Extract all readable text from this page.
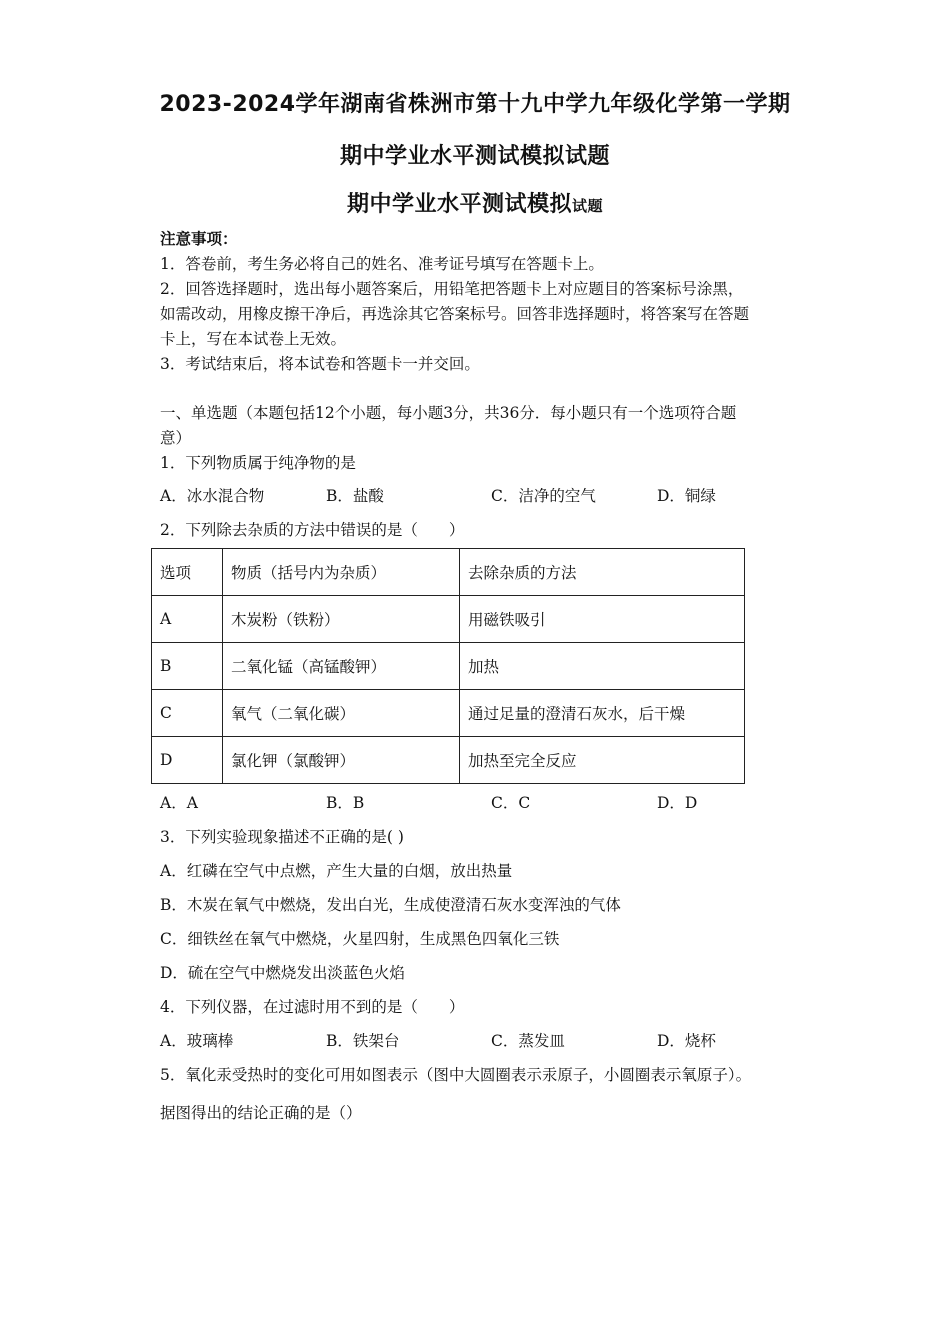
2023-2024学年湖南省株洲市第十九中学九年级化学第一学期
期中学业水平测试模拟试题
期中学业水平测试模拟试题
注意事项：
1．答卷前，考生务必将自己的姓名、准考证号填写在答题卡上。
2．回答选择题时，选出每小题答案后，用铅笔把答题卡上对应题目的答案标号涂黑，
如需改动，用橡皮擦干净后，再选涂其它答案标号。回答非选择题时，将答案写在答题
卡上，写在本试卷上无效。
3．考试结束后，将本试卷和答题卡一并交回。
一、单选题（本题包括12个小题，每小题3分，共36分．每小题只有一个选项符合题
意）
1．下列物质属于纯净物的是
A．冰水混合物	B．盐酸	C．洁净的空气	D．铜绿
2．下列除去杂质的方法中错误的是（　　）
选项	物质（括号内为杂质）	去除杂质的方法
A	木炭粉（铁粉）	用磁铁吸引
B	二氧化锰（高锰酸钾）	加热
C	氧气（二氧化碳）	通过足量的澄清石灰水，后干燥
D	氯化钾（氯酸钾）	加热至完全反应
A．A	B．B	C．C	D．D
3．下列实验现象描述不正确的是( )
A．红磷在空气中点燃，产生大量的白烟，放出热量
B．木炭在氧气中燃烧，发出白光，生成使澄清石灰水变浑浊的气体
C．细铁丝在氧气中燃烧，火星四射，生成黑色四氧化三铁
D．硫在空气中燃烧发出淡蓝色火焰
4．下列仪器，在过滤时用不到的是（　　）
A．玻璃棒	B．铁架台	C．蒸发皿	D．烧杯
5．氧化汞受热时的变化可用如图表示（图中大圆圈表示汞原子，小圆圈表示氧原子）。
据图得出的结论正确的是（）
